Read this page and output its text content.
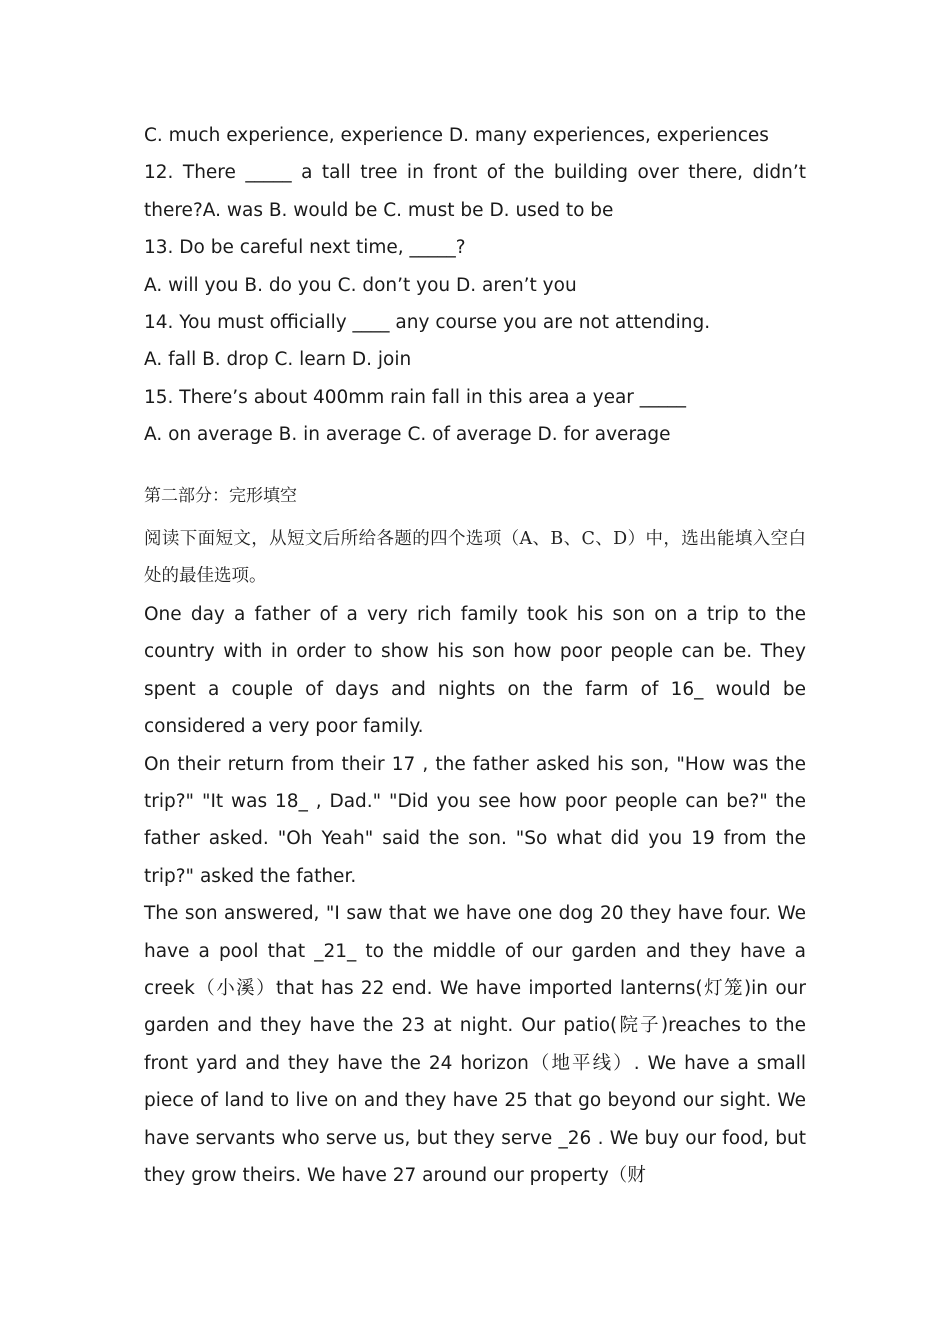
C. much experience, experience D. many experiences, experiences

12. There _____ a tall tree in front of the building over there, didn’t there?A. was B. would be C. must be D. used to be

13. Do be careful next time, _____?

A. will you B. do you C. don’t you D. aren’t you

14. You must officially ____ any course you are not attending.

A. fall B. drop C. learn D. join

15. There’s about 400mm rain fall in this area a year _____

A. on average B. in average C. of average D. for average

第二部分：完形填空

阅读下面短文，从短文后所给各题的四个选项（A、B、C、D）中，选出能填入空白处的最佳选项。

One day a father of a very rich family took his son on a trip to the country with in order to show his son how poor people can be. They spent a couple of days and nights on the farm of 16_ would be considered a very poor family.

On their return from their 17 , the father asked his son, "How was the trip?" "It was 18_ , Dad." "Did you see how poor people can be?" the father asked. "Oh Yeah" said the son. "So what did you 19 from the trip?" asked the father.

The son answered, "I saw that we have one dog 20 they have four. We have a pool that _21_ to the middle of our garden and they have a creek（小溪）that has 22 end. We have imported lanterns(灯笼)in our garden and they have the 23 at night. Our patio(院子)reaches to the front yard and they have the 24 horizon（地平线）. We have a small piece of land to live on and they have 25 that go beyond our sight. We have servants who serve us, but they serve _26 . We buy our food, but they grow theirs. We have 27 around our property（财
